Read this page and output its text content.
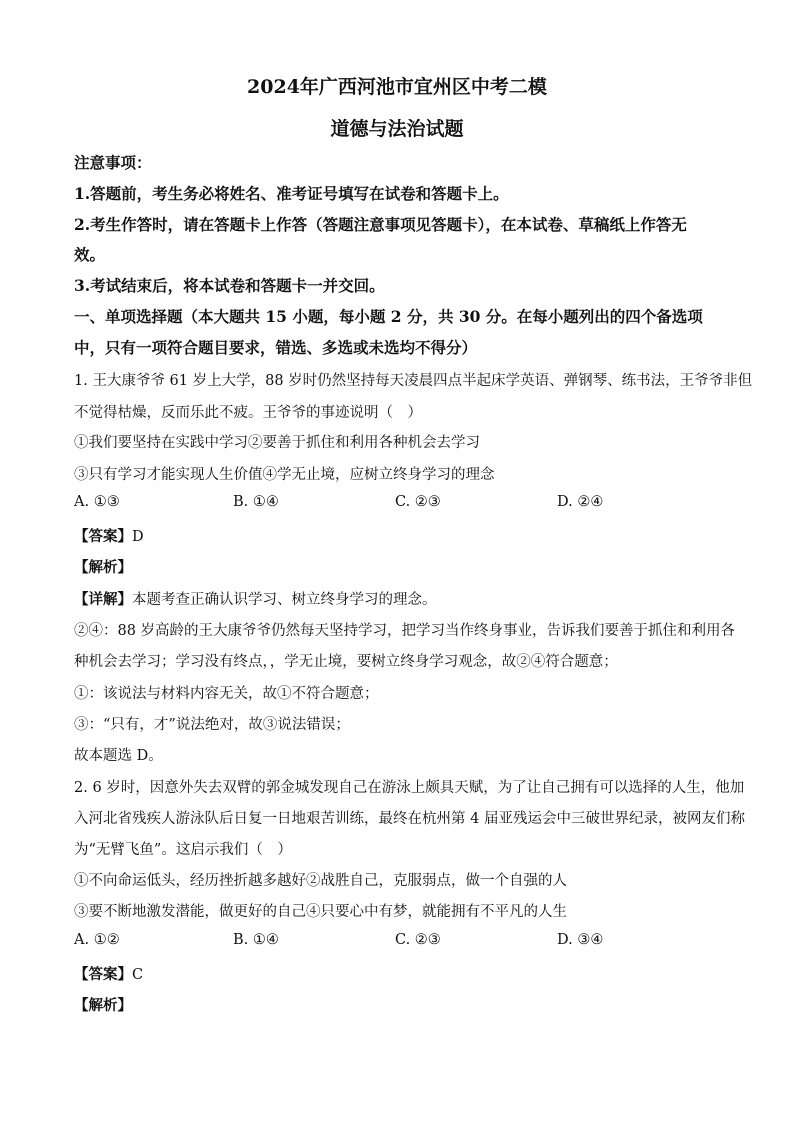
2024年广西河池市宜州区中考二模
道德与法治试题
注意事项：
1.答题前，考生务必将姓名、准考证号填写在试卷和答题卡上。
2.考生作答时，请在答题卡上作答（答题注意事项见答题卡），在本试卷、草稿纸上作答无
效。
3.考试结束后，将本试卷和答题卡一并交回。
一、单项选择题（本大题共 15 小题，每小题 2 分，共 30 分。在每小题列出的四个备选项
中，只有一项符合题目要求，错选、多选或未选均不得分）
1. 王大康爷爷 61 岁上大学，88 岁时仍然坚持每天凌晨四点半起床学英语、弹钢琴、练书法，王爷爷非但
不觉得枯燥，反而乐此不疲。王爷爷的事迹说明（　）
①我们要坚持在实践中学习②要善于抓住和利用各种机会去学习
③只有学习才能实现人生价值④学无止境，应树立终身学习的理念
A. ①③	B. ①④	C. ②③	D. ②④
【答案】D
【解析】
【详解】本题考查正确认识学习、树立终身学习的理念。
②④：88 岁高龄的王大康爷爷仍然每天坚持学习，把学习当作终身事业，告诉我们要善于抓住和利用各
种机会去学习；学习没有终点，，学无止境，要树立终身学习观念，故②④符合题意；
①：该说法与材料内容无关，故①不符合题意；
③：“只有，才”说法绝对，故③说法错误；
故本题选 D。
2. 6 岁时，因意外失去双臂的郭金城发现自己在游泳上颇具天赋，为了让自己拥有可以选择的人生，他加
入河北省残疾人游泳队后日复一日地艰苦训练，最终在杭州第 4 届亚残运会中三破世界纪录，被网友们称
为“无臂飞鱼”。这启示我们（　）
①不向命运低头，经历挫折越多越好②战胜自己，克服弱点，做一个自强的人
③要不断地激发潜能，做更好的自己④只要心中有梦，就能拥有不平凡的人生
A. ①②	B. ①④	C. ②③	D. ③④
【答案】C
【解析】
